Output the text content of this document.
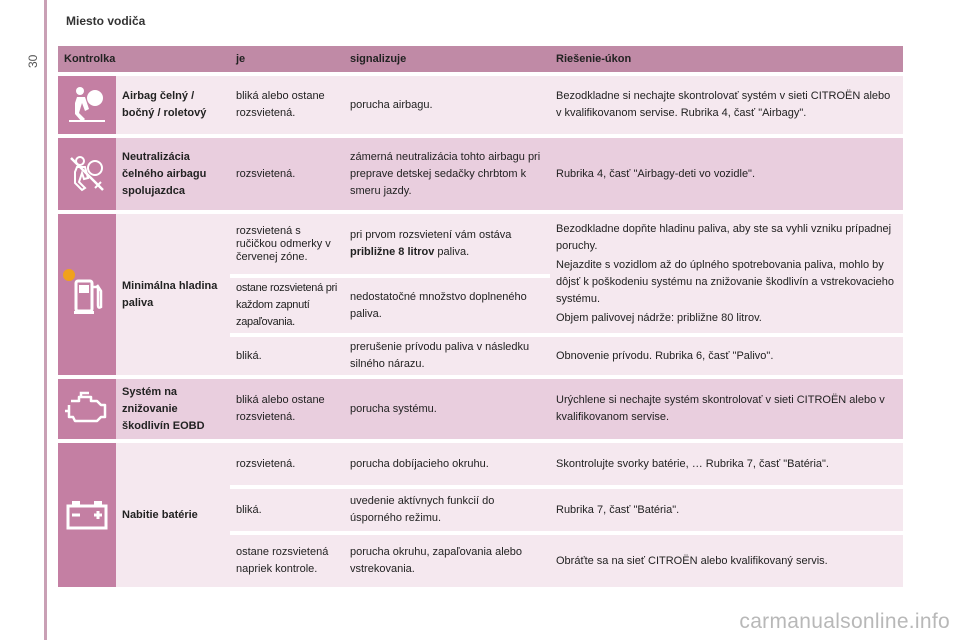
30
Miesto vodiča
Kontrolka		je	signalizuje	Riešenie-úkon

	Airbag čelný / bočný / roletový	bliká alebo ostane rozsvietená.	porucha airbagu.	Bezodkladne si nechajte skontrolovať systém v sieti CITROËN alebo v kvalifikovanom servise. Rubrika 4, časť "Airbagy".

	Neutralizácia čelného airbagu spolujazdca	rozsvietená.	zámerná neutralizácia tohto airbagu pri preprave detskej sedačky chrbtom k smeru jazdy.	Rubrika 4, časť "Airbagy-deti vo vozidle".

	Minimálna hladina paliva	rozsvietená s ručičkou odmerky v červenej zóne.	pri prvom rozsvietení vám ostáva približne 8 litrov paliva.	Bezodkladne dopňte hladinu paliva, aby ste sa vyhli vzniku prípadnej poruchy.
Nejazdite s vozidlom až do úplného spotrebovania paliva, mohlo by dôjsť k poškodeniu systému na znižovanie škodlivín a vstrekovacieho systému.
Objem palivovej nádrže: približne 80 litrov.

		ostane rozsvietená pri každom zapnutí zapaľovania.	nedostatočné množstvo doplneného paliva.	
		bliká.	prerušenie prívodu paliva v následku silného nárazu.	Obnovenie prívodu. Rubrika 6, časť "Palivo".

	Systém na znižovanie škodlivín EOBD	bliká alebo ostane rozsvietená.	porucha systému.	Urýchlene si nechajte systém skontrolovať v sieti CITROËN alebo v kvalifikovanom servise.

	Nabitie batérie	rozsvietená.	porucha dobíjacieho okruhu.	Skontrolujte svorky batérie, … Rubrika 7, časť "Batéria".
		bliká.	uvedenie aktívnych funkcií do úsporného režimu.	Rubrika 7, časť "Batéria".
		ostane rozsvietená napriek kontrole.	porucha okruhu, zapaľovania alebo vstrekovania.	Obráťte sa na sieť CITROËN alebo kvalifikovaný servis.
carmanualsonline.info
